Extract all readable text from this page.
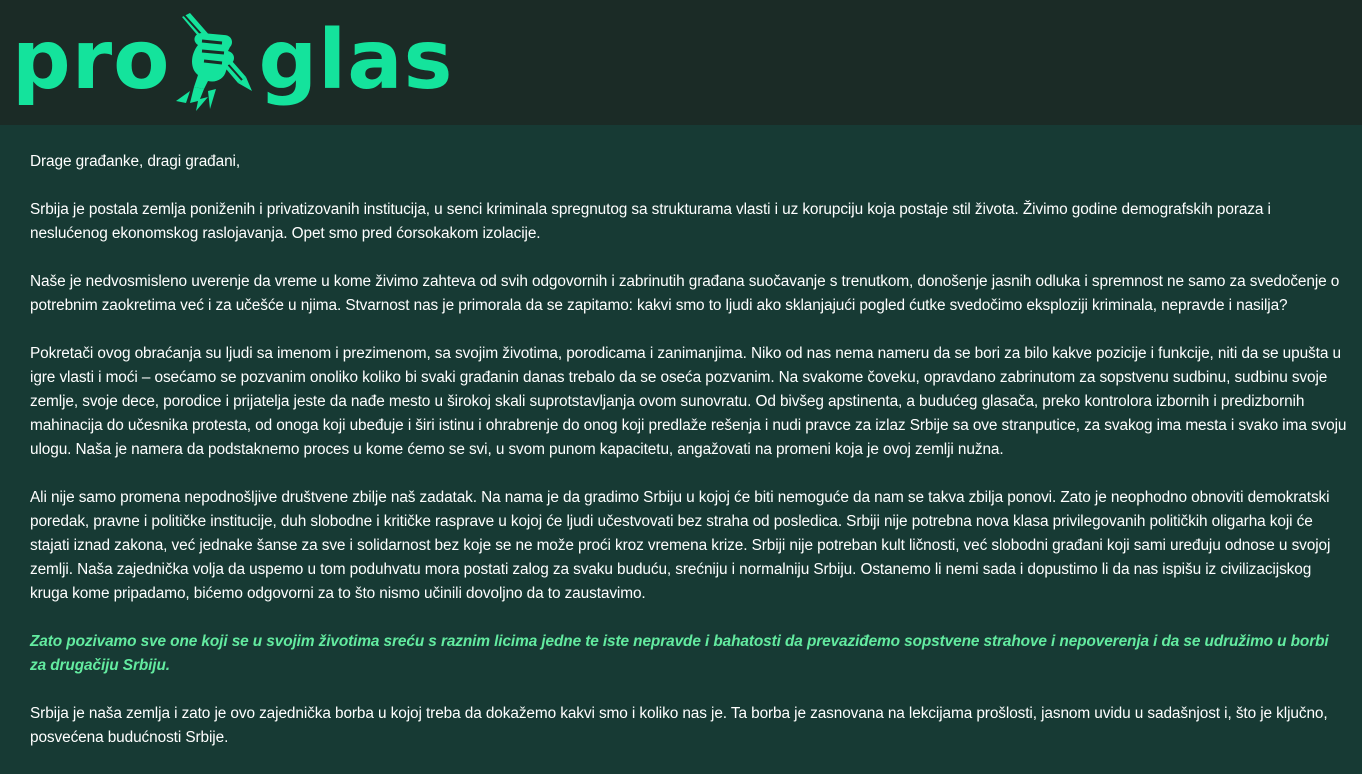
pro glas

Drage građanke, dragi građani,

Srbija je postala zemlja poniženih i privatizovanih institucija, u senci kriminala spregnutog sa strukturama vlasti i uz korupciju koja postaje stil života. Živimo godine demografskih poraza i neslućenog ekonomskog raslojavanja. Opet smo pred ćorsokakom izolacije.

Naše je nedvosmisleno uverenje da vreme u kome živimo zahteva od svih odgovornih i zabrinutih građana suočavanje s trenutkom, donošenje jasnih odluka i spremnost ne samo za svedočenje o potrebnim zaokretima već i za učešće u njima. Stvarnost nas je primorala da se zapitamo: kakvi smo to ljudi ako sklanjajući pogled ćutke svedočimo eksploziji kriminala, nepravde i nasilja?

Pokretači ovog obraćanja su ljudi sa imenom i prezimenom, sa svojim životima, porodicama i zanimanjima. Niko od nas nema nameru da se bori za bilo kakve pozicije i funkcije, niti da se upušta u igre vlasti i moći – osećamo se pozvanim onoliko koliko bi svaki građanin danas trebalo da se oseća pozvanim. Na svakome čoveku, opravdano zabrinutom za sopstvenu sudbinu, sudbinu svoje zemlje, svoje dece, porodice i prijatelja jeste da nađe mesto u širokoj skali suprotstavljanja ovom sunovratu. Od bivšeg apstinenta, a budućeg glasača, preko kontrolora izbornih i predizbornih mahinacija do učesnika protesta, od onoga koji ubeđuje i širi istinu i ohrabrenje do onog koji predlaže rešenja i nudi pravce za izlaz Srbije sa ove stranputice, za svakog ima mesta i svako ima svoju ulogu. Naša je namera da podstaknemo proces u kome ćemo se svi, u svom punom kapacitetu, angažovati na promeni koja je ovoj zemlji nužna.

Ali nije samo promena nepodnošljive društvene zbilje naš zadatak. Na nama je da gradimo Srbiju u kojoj će biti nemoguće da nam se takva zbilja ponovi. Zato je neophodno obnoviti demokratski poredak, pravne i političke institucije, duh slobodne i kritičke rasprave u kojoj će ljudi učestvovati bez straha od posledica. Srbiji nije potrebna nova klasa privilegovanih političkih oligarha koji će stajati iznad zakona, već jednake šanse za sve i solidarnost bez koje se ne može proći kroz vremena krize. Srbiji nije potreban kult ličnosti, već slobodni građani koji sami uređuju odnose u svojoj zemlji. Naša zajednička volja da uspemo u tom poduhvatu mora postati zalog za svaku buduću, srećniju i normalniju Srbiju. Ostanemo li nemi sada i dopustimo li da nas ispišu iz civilizacijskog kruga kome pripadamo, bićemo odgovorni za to što nismo učinili dovoljno da to zaustavimo.

Zato pozivamo sve one koji se u svojim životima sreću s raznim licima jedne te iste nepravde i bahatosti da prevaziđemo sopstvene strahove i nepoverenja i da se udružimo u borbi za drugačiju Srbiju.

Srbija je naša zemlja i zato je ovo zajednička borba u kojoj treba da dokažemo kakvi smo i koliko nas je. Ta borba je zasnovana na lekcijama prošlosti, jasnom uvidu u sadašnjost i, što je ključno, posvećena budućnosti Srbije.
